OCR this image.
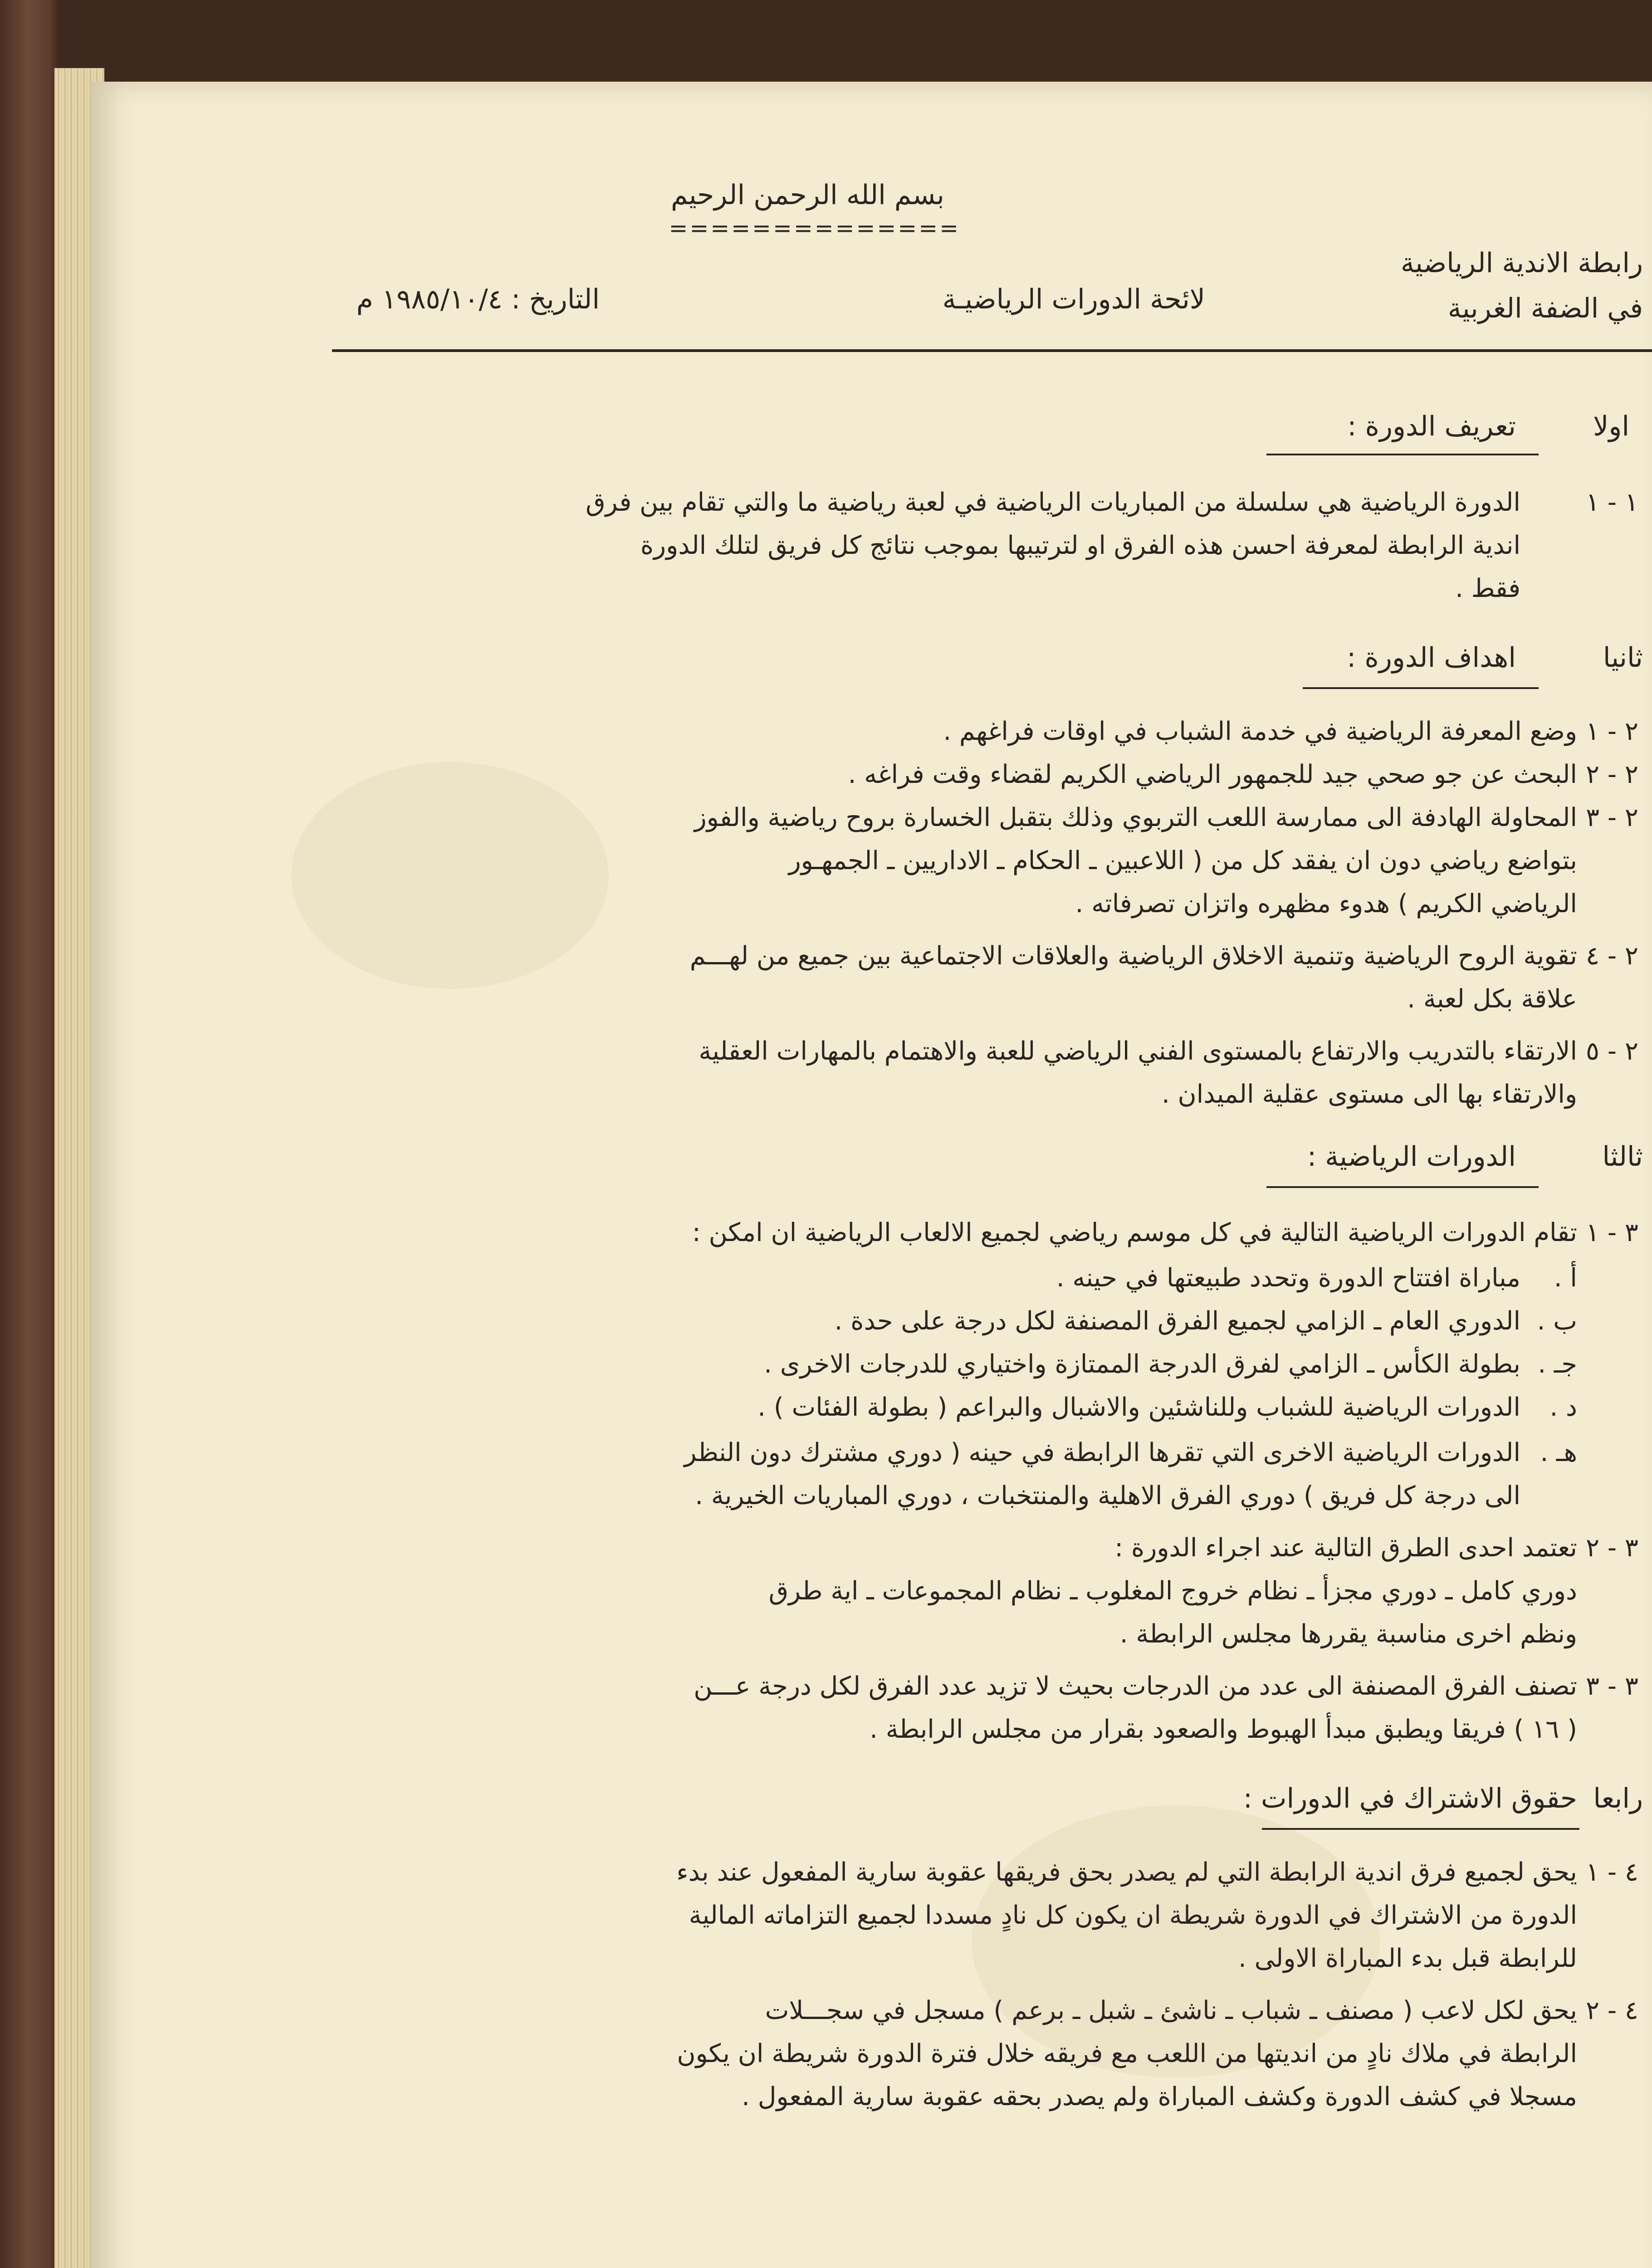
بسم الله الرحمن الرحيم
==============
رابطة الاندية الرياضية
في الضفة الغربية
لائحة الدورات الرياضيـة
التاريخ : ١٩٨٥/١٠/٤ م
اولا
تعريف الدورة :
١ - ١
الدورة الرياضية هي سلسلة من المباريات الرياضية في لعبة رياضية ما والتي تقام بين فرق
اندية الرابطة لمعرفة احسن هذه الفرق او لترتيبها بموجب نتائج كل فريق لتلك الدورة
فقط .
ثانيا
اهداف الدورة :
٢ - ١
وضع المعرفة الرياضية في خدمة الشباب في اوقات فراغهم .
٢ - ٢
البحث عن جو صحي جيد للجمهور الرياضي الكريم لقضاء وقت فراغه .
٢ - ٣
المحاولة الهادفة الى ممارسة اللعب التربوي وذلك بتقبل الخسارة بروح رياضية والفوز
بتواضع رياضي دون ان يفقد كل من ( اللاعبين ـ الحكام ـ الاداريين ـ الجمهـور
الرياضي الكريم ) هدوء مظهره واتزان تصرفاته .
٢ - ٤
تقوية الروح الرياضية وتنمية الاخلاق الرياضية والعلاقات الاجتماعية بين جميع من لهـــم
علاقة بكل لعبة .
٢ - ٥
الارتقاء بالتدريب والارتفاع بالمستوى الفني الرياضي للعبة والاهتمام بالمهارات العقلية
والارتقاء بها الى مستوى عقلية الميدان .
ثالثا
الدورات الرياضية :
٣ - ١
تقام الدورات الرياضية التالية في كل موسم رياضي لجميع الالعاب الرياضية ان امكن :
أ .
مباراة افتتاح الدورة وتحدد طبيعتها في حينه .
ب .
الدوري العام ـ الزامي لجميع الفرق المصنفة لكل درجة على حدة .
جـ .
بطولة الكأس ـ الزامي لفرق الدرجة الممتازة واختياري للدرجات الاخرى .
د .
الدورات الرياضية للشباب وللناشئين والاشبال والبراعم ( بطولة الفئات ) .
هـ .
الدورات الرياضية الاخرى التي تقرها الرابطة في حينه ( دوري مشترك دون النظر
الى درجة كل فريق ) دوري الفرق الاهلية والمنتخبات ، دوري المباريات الخيرية .
٣ - ٢
تعتمد احدى الطرق التالية عند اجراء الدورة :
دوري كامل ـ دوري مجزأ ـ نظام خروج المغلوب ـ نظام المجموعات ـ اية طرق
ونظم اخرى مناسبة يقررها مجلس الرابطة .
٣ - ٣
تصنف الفرق المصنفة الى عدد من الدرجات بحيث لا تزيد عدد الفرق لكل درجة عـــن
( ١٦ ) فريقا ويطبق مبدأ الهبوط والصعود بقرار من مجلس الرابطة .
رابعا
حقوق الاشتراك في الدورات :
٤ - ١
يحق لجميع فرق اندية الرابطة التي لم يصدر بحق فريقها عقوبة سارية المفعول عند بدء
الدورة من الاشتراك في الدورة شريطة ان يكون كل نادٍ مسددا لجميع التزاماته المالية
للرابطة قبل بدء المباراة الاولى .
٤ - ٢
يحق لكل لاعب ( مصنف ـ شباب ـ ناشئ ـ شبل ـ برعم ) مسجل في سجـــلات
الرابطة في ملاك نادٍ من انديتها من اللعب مع فريقه خلال فترة الدورة شريطة ان يكون
مسجلا في كشف الدورة وكشف المباراة ولم يصدر بحقه عقوبة سارية المفعول .
